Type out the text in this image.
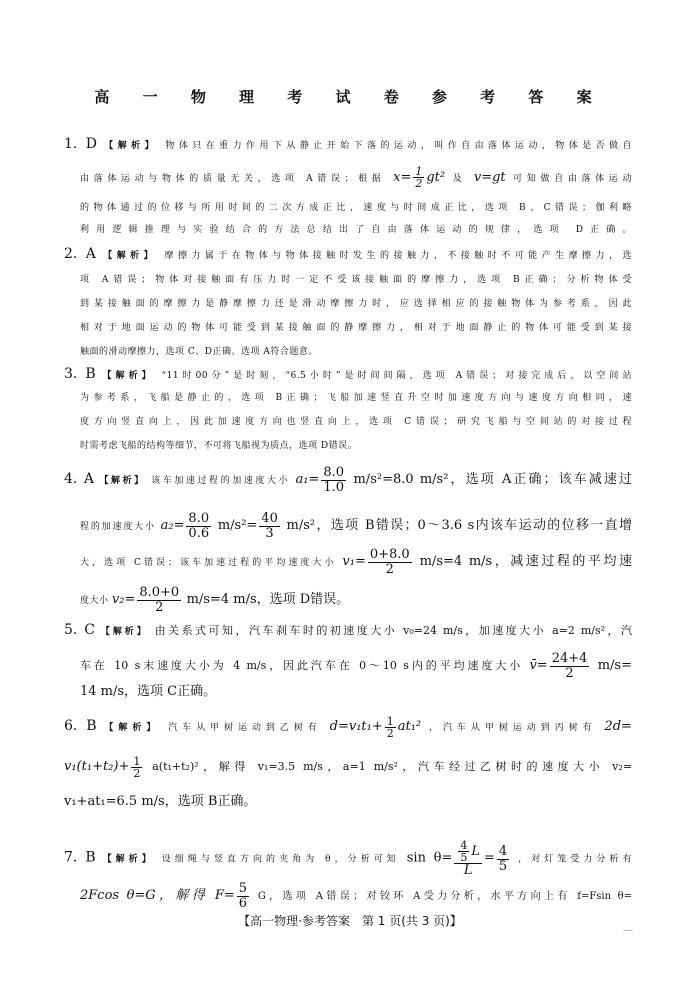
高 一 物 理 考 试 卷 参 考 答 案
1. D 【解析】 物体只在重力作用下从静止开始下落的运动，叫作自由落体运动，物体是否做自
由落体运动与物体的质量无关，选项 A错误；根据 $x= \frac{1}{2} gt^2$ 及 v=gt 可知做自由落体运动
的物体通过的位移与所用时间的二次方成正比，速度与时间成正比，选项 B、C错误；伽利略
利用逻辑推理与实验结合的方法总结出了自由落体运动的规律，选项 D正确。
2. A 【解析】 摩擦力属于在物体与物体接触时发生的接触力，不接触时不可能产生摩擦力，选
项 A错误；物体对接触面有压力时一定不受该接触面的摩擦力，选项 B正确；分析物体受
到某接触面的摩擦力是静摩擦力还是滑动摩擦力时，应选择相应的接触物体为参考系，因此
相对于地面运动的物体可能受到某接触面的静摩擦力，相对于地面静止的物体可能受到某接
触面的滑动摩擦力，选项 C、D正确。选项 A符合题意。
3. B 【解析】 “11时00分”是时刻，“6.5小时”是时间间隔，选项 A错误；对接完成后，以空间站
为参考系，飞船是静止的，选项 B正确；飞船加速竖直升空时加速度方向与速度方向相同，速
度方向竖直向上，因此加速度方向也竖直向上，选项 C错误；研究飞船与空间站的对接过程
时需考虑飞船的结构等细节，不可将飞船视为质点，选项 D错误。
4. A 【解析】 该车加速过程的加速度大小 $a_1= \frac{8.0}{1.0} m/s^2=8.0$ m/s²，选项 A正确；该车减速过
程的加速度大小 $a_2= \frac{8.0}{0.6} m/s^2= \frac{40}{3} m/s^2$，选项 B错误；0～3.6 s内该车运动的位移一直增
大，选项 C错误；该车加速过程的平均速度大小 $v_1= \frac{0+8.0}{2} m/s=4$ m/s，减速过程的平均速
度大小 $v_2= \frac{8.0+0}{2} m/s=4$ m/s，选项 D错误。
5. C 【解析】 由关系式可知，汽车刹车时的初速度大小 v₀=24 m/s，加速度大小 a=2 m/s²，汽
车在 10 s末速度大小为 4 m/s，因此汽车在 0～10 s内的平均速度大小 v̄= $\frac{24+4}{2} m/s=$
14 m/s，选项 C正确。
6. B 【解析】 汽车从甲树运动到乙树有 $d=v_1t_1+ \frac{1}{2} at_1^2$ ，汽车从甲树运动到丙树有 2d=
$v_1(t_1+t_2)+ \frac{1}{2} a(t_1+t_2)^2$，解得 v₁=3.5 m/s，a=1 m/s²，汽车经过乙树时的速度大小 v₂=
v₁+at₁=6.5 m/s，选项 B正确。
7. B 【解析】 设细绳与竖直方向的夹角为 θ，分析可知 $\sin \theta= \frac{\frac{4}{5} L}{L} = \frac{4}{5}$ ，对灯笼受力分析有
2Fcos θ=G，解得 $F= \frac{5}{6}$ G，选项 A错误；对铰环 A受力分析，水平方向上有 f=Fsin θ=
【高一物理·参考答案　第 1 页(共 3 页)】
—
